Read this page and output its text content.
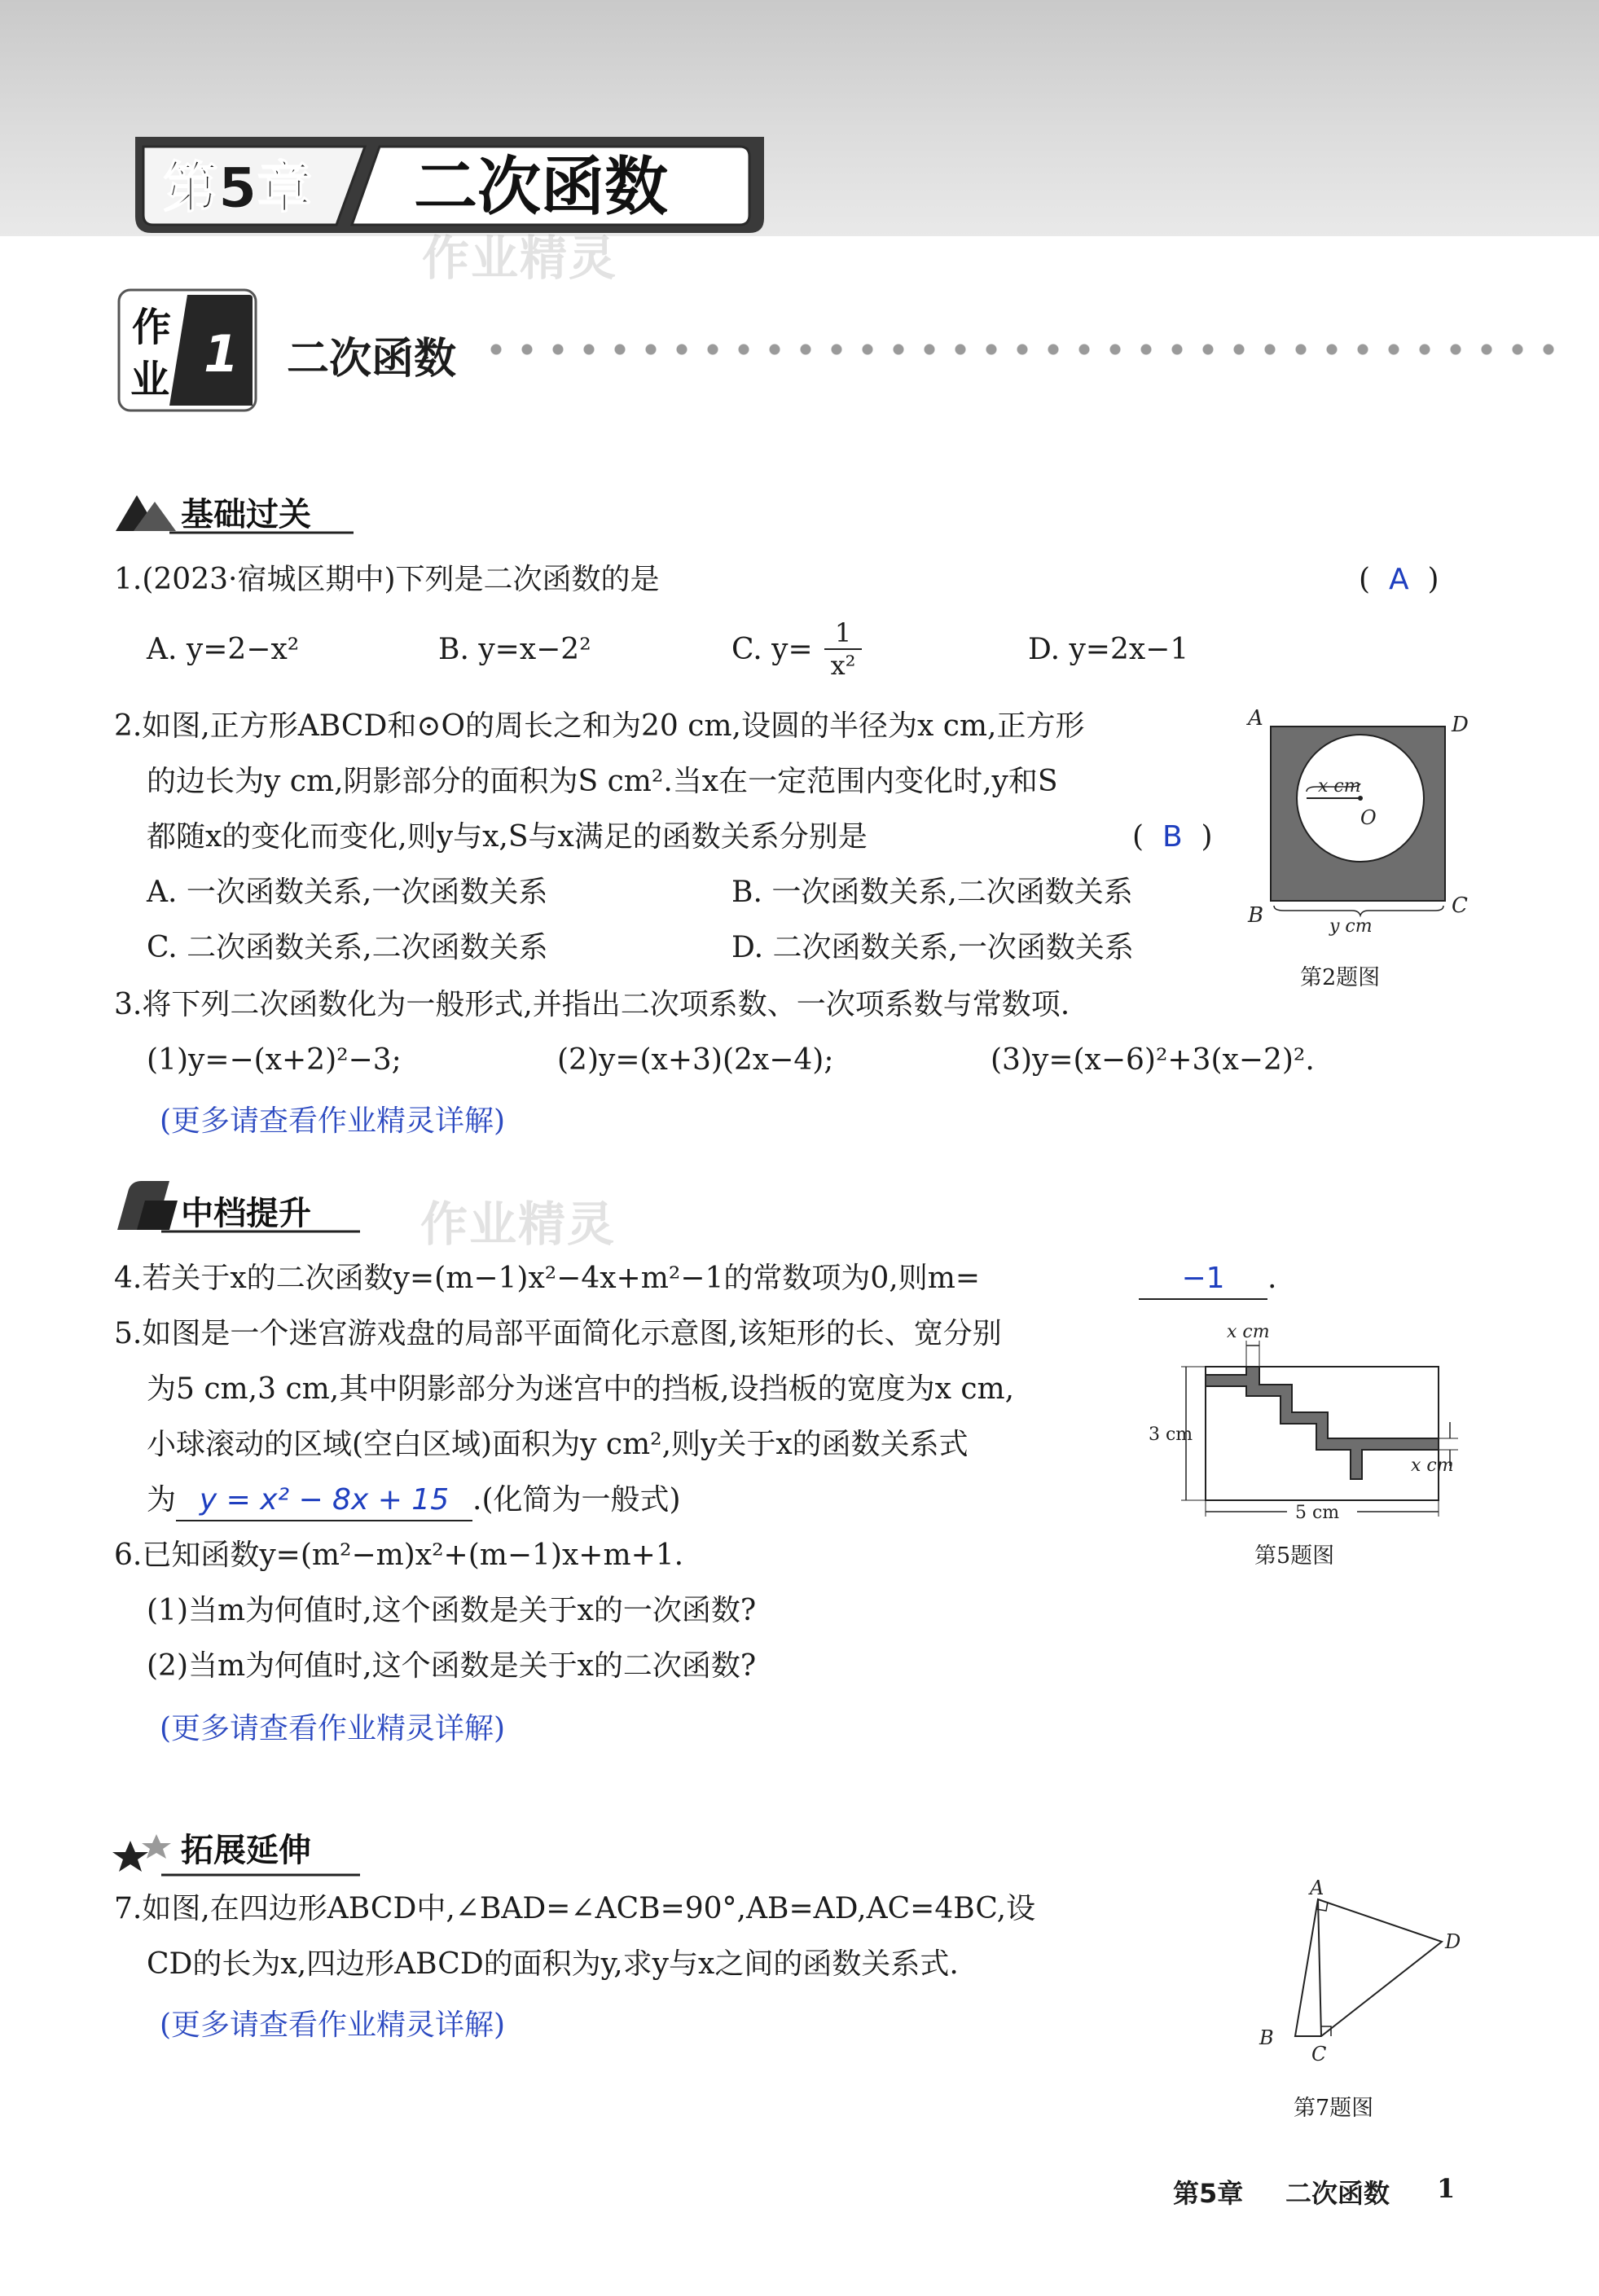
第5章 二次函数
作业精灵
作
业 1 二次函数
基础过关
1.(2023·宿城区期中)下列是二次函数的是	(  A  )
A. y=2−x²	B. y=x−2²	C. $y= \frac{1}{\text{x²}}$	D. y=2x−1
2.如图,正方形ABCD和⊙O的周长之和为20 cm,设圆的半径为x cm,正方形
的边长为y cm,阴影部分的面积为S cm².当x在一定范围内变化时,y和S
都随x的变化而变化,则y与x,S与x满足的函数关系分别是	(  B  )
A. 一次函数关系,一次函数关系	B. 一次函数关系,二次函数关系
C. 二次函数关系,二次函数关系	D. 二次函数关系,一次函数关系
x cm
O
A	D
B	C
y cm
第2题图
3.将下列二次函数化为一般形式,并指出二次项系数、一次项系数与常数项.
(1)y=−(x+2)²−3;	(2)y=(x+3)(2x−4);	(3)y=(x−6)²+3(x−2)².
(更多请查看作业精灵详解)
中档提升 作业精灵
4.若关于x的二次函数y=(m−1)x²−4x+m²−1的常数项为0,则m=	−1 .
5.如图是一个迷宫游戏盘的局部平面简化示意图,该矩形的长、宽分别
为5 cm,3 cm,其中阴影部分为迷宫中的挡板,设挡板的宽度为x cm,
小球滚动的区域(空白区域)面积为y cm²,则y关于x的函数关系式
为 y = x² − 8x + 15 .(化简为一般式)
x cm
3 cm
x cm
5 cm
第5题图
6.已知函数y=(m²−m)x²+(m−1)x+m+1.
(1)当m为何值时,这个函数是关于x的一次函数?
(2)当m为何值时,这个函数是关于x的二次函数?
(更多请查看作业精灵详解)
拓展延伸
7.如图,在四边形ABCD中,∠BAD=∠ACB=90°,AB=AD,AC=4BC,设
CD的长为x,四边形ABCD的面积为y,求y与x之间的函数关系式.
(更多请查看作业精灵详解)
A
D
B
C
第7题图
第5章 二次函数 1
